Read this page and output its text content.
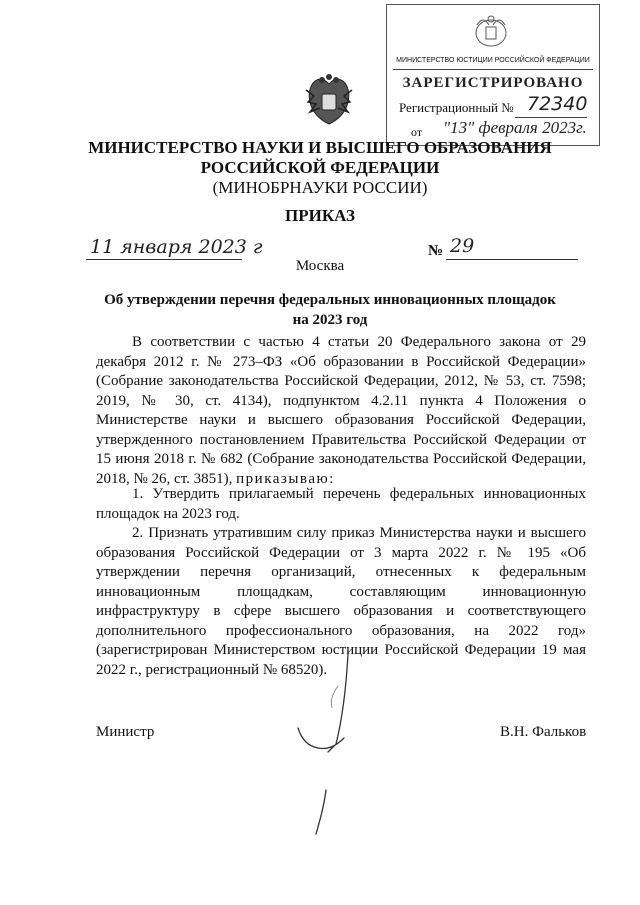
МИНИСТЕРСТВО ЮСТИЦИИ РОССИЙСКОЙ ФЕДЕРАЦИИ
ЗАРЕГИСТРИРОВАНО
Регистрационный № 72340
от "13" февраля 2023г.
МИНИСТЕРСТВО НАУКИ И ВЫСШЕГО ОБРАЗОВАНИЯ
РОССИЙСКОЙ ФЕДЕРАЦИИ
(МИНОБРНАУКИ РОССИИ)
ПРИКАЗ
11 января 2023 г	№ 29
Москва
Об утверждении перечня федеральных инновационных площадок
на 2023 год

В соответствии с частью 4 статьи 20 Федерального закона от 29 декабря 2012 г. № 273–ФЗ «Об образовании в Российской Федерации» (Собрание законодательства Российской Федерации, 2012, № 53, ст. 7598; 2019, № 30, ст. 4134), подпунктом 4.2.11 пункта 4 Положения о Министерстве науки и высшего образования Российской Федерации, утвержденного постановлением Правительства Российской Федерации от 15 июня 2018 г. № 682 (Собрание законодательства Российской Федерации, 2018, № 26, ст. 3851), приказываю:

1. Утвердить прилагаемый перечень федеральных инновационных площадок на 2023 год.

2. Признать утратившим силу приказ Министерства науки и высшего образования Российской Федерации от 3 марта 2022 г. № 195 «Об утверждении перечня организаций, отнесенных к федеральным инновационным площадкам, составляющим инновационную инфраструктуру в сфере высшего образования и соответствующего дополнительного профессионального образования, на 2022 год» (зарегистрирован Министерством юстиции Российской Федерации 19 мая 2022 г., регистрационный № 68520).

Министр	В.Н. Фальков
